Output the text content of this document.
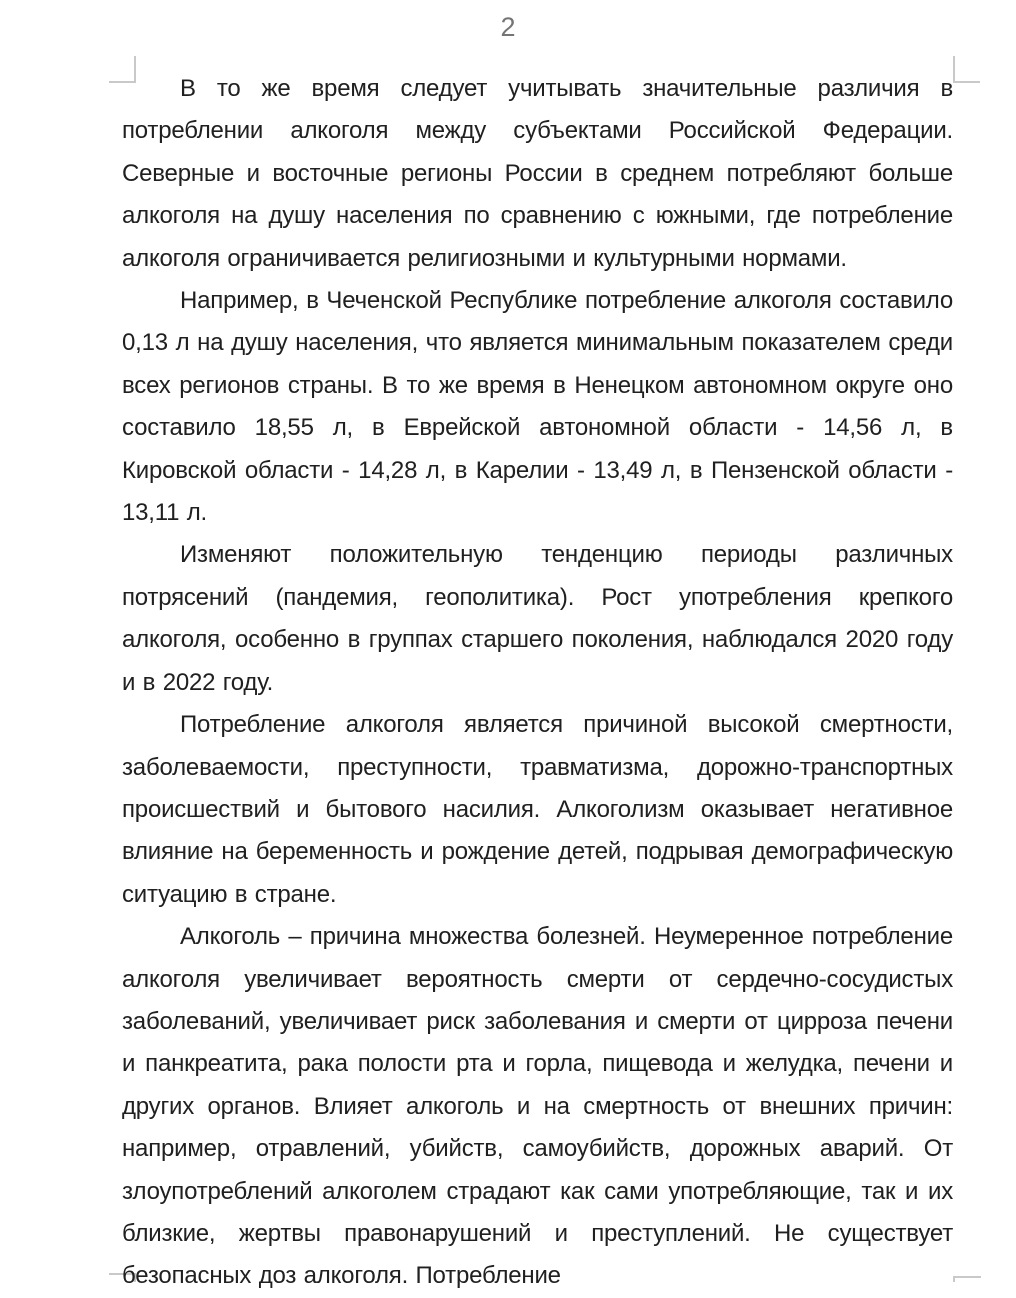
2

В то же время следует учитывать значительные различия в потреблении алкоголя между субъектами Российской Федерации. Северные и восточные регионы России в среднем потребляют больше алкоголя на душу населения по сравнению с южными, где потребление алкоголя ограничивается религиозными и культурными нормами.

Например, в Чеченской Республике потребление алкоголя составило 0,13 л на душу населения, что является минимальным показателем среди всех регионов страны. В то же время в Ненецком автономном округе оно составило 18,55 л, в Еврейской автономной области - 14,56 л, в Кировской области - 14,28 л, в Карелии - 13,49 л, в Пензенской области - 13,11 л.

Изменяют положительную тенденцию периоды различных потрясений (пандемия, геополитика). Рост употребления крепкого алкоголя, особенно в группах старшего поколения, наблюдался 2020 году и в 2022 году.

Потребление алкоголя является причиной высокой смертности, заболеваемости, преступности, травматизма, дорожно-транспортных происшествий и бытового насилия. Алкоголизм оказывает негативное влияние на беременность и рождение детей, подрывая демографическую ситуацию в стране.

Алкоголь – причина множества болезней. Неумеренное потребление алкоголя увеличивает вероятность смерти от сердечно-сосудистых заболеваний, увеличивает риск заболевания и смерти от цирроза печени и панкреатита, рака полости рта и горла, пищевода и желудка, печени и других органов. Влияет алкоголь и на смертность от внешних причин: например, отравлений, убийств, самоубийств, дорожных аварий. От злоупотреблений алкоголем страдают как сами употребляющие, так и их близкие, жертвы правонарушений и преступлений. Не существует безопасных доз алкоголя. Потребление
